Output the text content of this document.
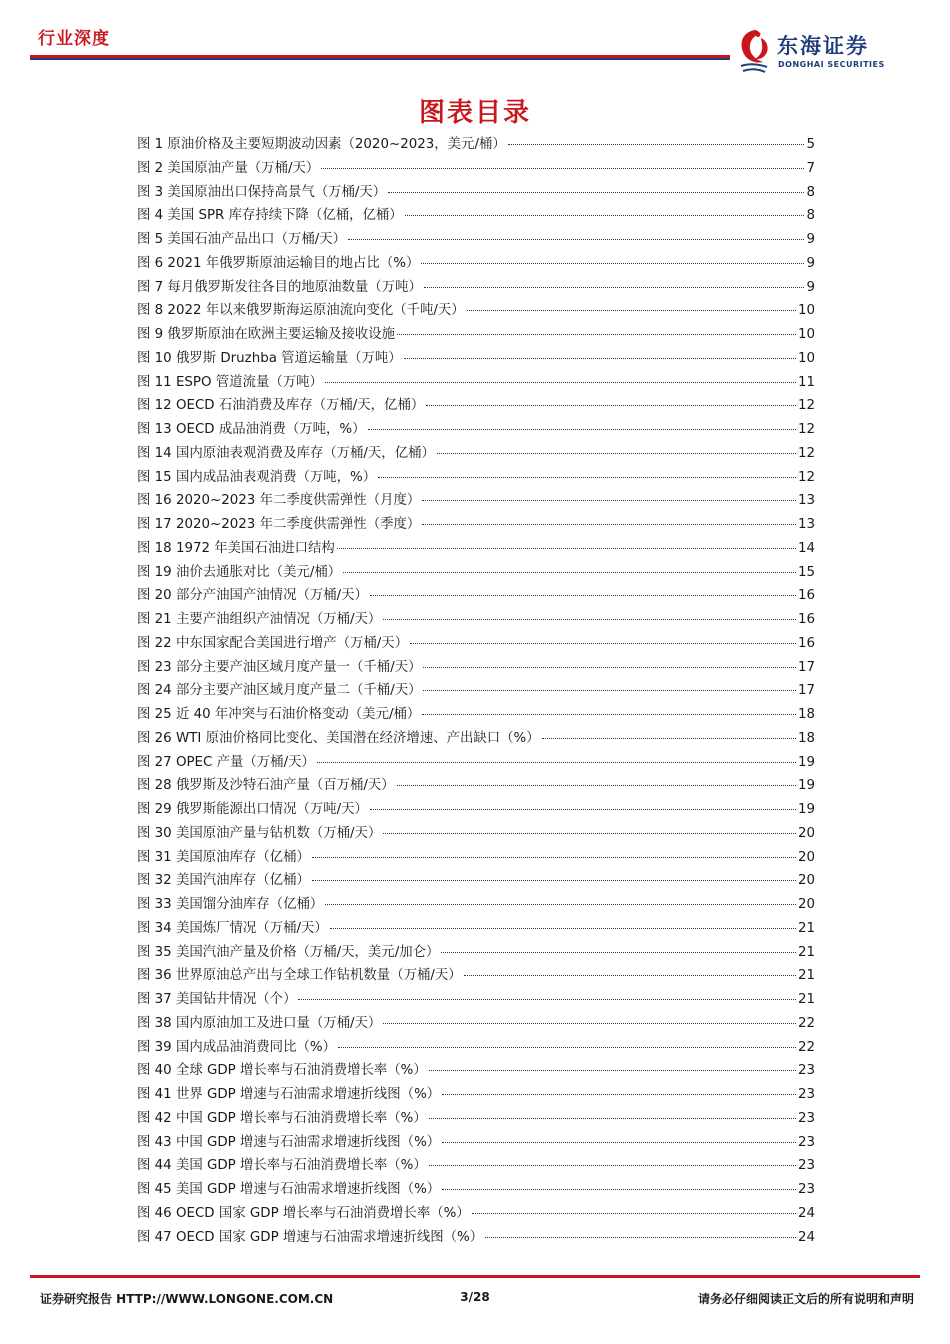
行业深度	东海证券
DONGHAI SECURITIES
图表目录
图 1 原油价格及主要短期波动因素（2020~2023，美元/桶）	5
图 2 美国原油产量（万桶/天）	7
图 3 美国原油出口保持高景气（万桶/天）	8
图 4 美国 SPR 库存持续下降（亿桶，亿桶）	8
图 5 美国石油产品出口（万桶/天）	9
图 6 2021 年俄罗斯原油运输目的地占比（%）	9
图 7 每月俄罗斯发往各目的地原油数量（万吨）	9
图 8 2022 年以来俄罗斯海运原油流向变化（千吨/天）	10
图 9 俄罗斯原油在欧洲主要运输及接收设施	10
图 10 俄罗斯 Druzhba 管道运输量（万吨）	10
图 11 ESPO 管道流量（万吨）	11
图 12 OECD 石油消费及库存（万桶/天，亿桶）	12
图 13 OECD 成品油消费（万吨，%）	12
图 14 国内原油表观消费及库存（万桶/天，亿桶）	12
图 15 国内成品油表观消费（万吨，%）	12
图 16 2020~2023 年二季度供需弹性（月度）	13
图 17 2020~2023 年二季度供需弹性（季度）	13
图 18 1972 年美国石油进口结构	14
图 19 油价去通胀对比（美元/桶）	15
图 20 部分产油国产油情况（万桶/天）	16
图 21 主要产油组织产油情况（万桶/天）	16
图 22 中东国家配合美国进行增产（万桶/天）	16
图 23 部分主要产油区域月度产量一（千桶/天）	17
图 24 部分主要产油区域月度产量二（千桶/天）	17
图 25 近 40 年冲突与石油价格变动（美元/桶）	18
图 26 WTI 原油价格同比变化、美国潜在经济增速、产出缺口（%）	18
图 27 OPEC 产量（万桶/天）	19
图 28 俄罗斯及沙特石油产量（百万桶/天）	19
图 29 俄罗斯能源出口情况（万吨/天）	19
图 30 美国原油产量与钻机数（万桶/天）	20
图 31 美国原油库存（亿桶）	20
图 32 美国汽油库存（亿桶）	20
图 33 美国馏分油库存（亿桶）	20
图 34 美国炼厂情况（万桶/天）	21
图 35 美国汽油产量及价格（万桶/天，美元/加仑）	21
图 36 世界原油总产出与全球工作钻机数量（万桶/天）	21
图 37 美国钻井情况（个）	21
图 38 国内原油加工及进口量（万桶/天）	22
图 39 国内成品油消费同比（%）	22
图 40 全球 GDP 增长率与石油消费增长率（%）	23
图 41 世界 GDP 增速与石油需求增速折线图（%）	23
图 42 中国 GDP 增长率与石油消费增长率（%）	23
图 43 中国 GDP 增速与石油需求增速折线图（%）	23
图 44 美国 GDP 增长率与石油消费增长率（%）	23
图 45 美国 GDP 增速与石油需求增速折线图（%）	23
图 46 OECD 国家 GDP 增长率与石油消费增长率（%）	24
图 47 OECD 国家 GDP 增速与石油需求增速折线图（%）	24
证券研究报告 HTTP://WWW.LONGONE.COM.CN	3/28	请务必仔细阅读正文后的所有说明和声明
